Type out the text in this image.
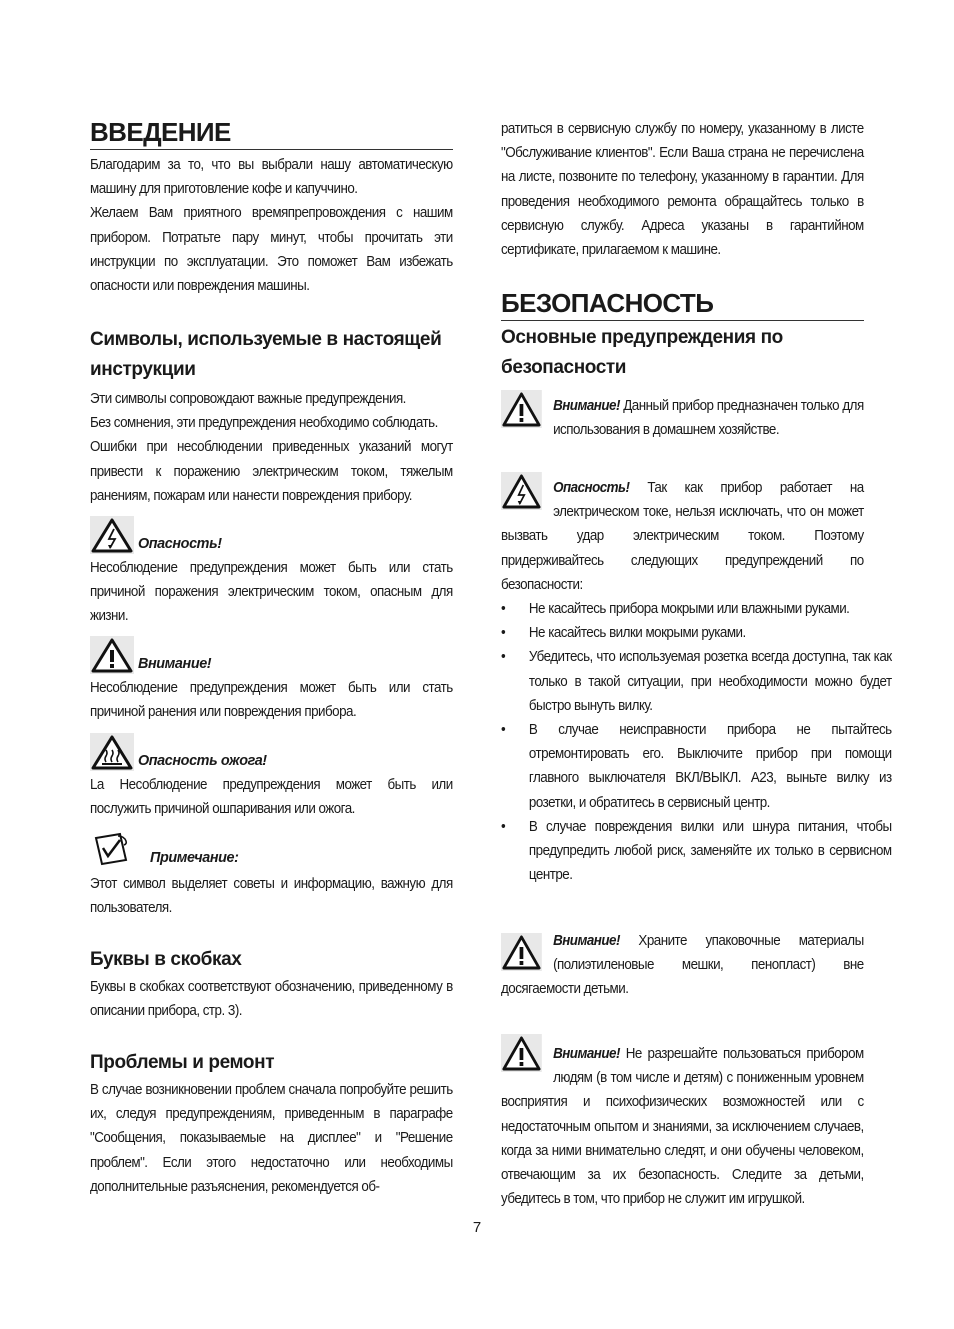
ВВЕДЕНИЕ

Благодарим за то, что вы выбрали нашу автоматическую машину для приготовление кофе и капуччино.

Желаем Вам приятного времяпрепровождения с нашим прибором. Потратьте пару минут, чтобы прочитать эти инструкции по эксплуатации. Это поможет Вам избежать опасности или повреждения машины.

Символы, используемые в настоящей инструкции

Эти символы сопровождают важные предупреждения.

Без сомнения, эти предупреждения необходимо соблюдать.

Ошибки при несоблюдении приведенных указаний могут привести к поражению электрическим током, тяжелым ранениям, пожарам или нанести повреждения прибору.

Опасность!

Несоблюдение предупреждения может быть или стать причиной поражения электрическим током, опасным для жизни.

Внимание!

Несоблюдение предупреждения может быть или стать причиной ранения или повреждения прибора.

Опасность ожога!

La Несоблюдение предупреждения может быть или послужить причиной ошпаривания или ожога.

Примечание:

Этот символ выделяет советы и информацию, важную для пользователя.

Буквы в скобках

Буквы в скобках соответствуют обозначению, приведенному в описании прибора, стр. 3).

Проблемы и ремонт

В случае возникновении проблем сначала попробуйте решить их, следуя предупреждениям, приведенным в параграфе "Сообщения, показываемые на дисплее" и "Решение проблем". Если этого недостаточно или необходимы дополнительные разъяснения, рекомендуется об-

ратиться в сервисную службу по номеру, указанному в листе "Обслуживание клиентов". Если Ваша страна не перечислена на листе, позвоните по телефону, указанному в гарантии. Для проведения необходимого ремонта обращайтесь только в сервисную службу. Адреса указаны в гарантийном сертификате, прилагаемом к машине.

БЕЗОПАСНОСТЬ
Основные предупреждения по безопасности

Внимание! Данный прибор предназначен только для использования в домашнем хозяйстве.

Опасность! Так как прибор работает на электрическом токе, нельзя исключать, что он может вызвать удар электрическим током. Поэтому придерживайтесь следующих предупреждений по безопасности:

• Не касайтесь прибора мокрыми или влажными руками.
• Не касайтесь вилки мокрыми руками.
• Убедитесь, что используемая розетка всегда доступна, так как только в такой ситуации, при необходимости можно будет быстро вынуть вилку.
• В случае неисправности прибора не пытайтесь отремонтировать его. Выключите прибор при помощи главного выключателя ВКЛ/ВЫКЛ. A23, выньте вилку из розетки, и обратитесь в сервисный центр.
• В случае повреждения вилки или шнура питания, чтобы предупредить любой риск, заменяйте их только в сервисном центре.

Внимание! Храните упаковочные материалы (полиэтиленовые мешки, пенопласт) вне досягаемости детьми.

Внимание! Не разрешайте пользоваться прибором людям (в том числе и детям) с пониженным уровнем восприятия и психофизических возможностей или с недостаточным опытом и знаниями, за исключением случаев, когда за ними внимательно следят, и они обучены человеком, отвечающим за их безопасность. Следите за детьми, убедитесь в том, что прибор не служит им игрушкой.

7
